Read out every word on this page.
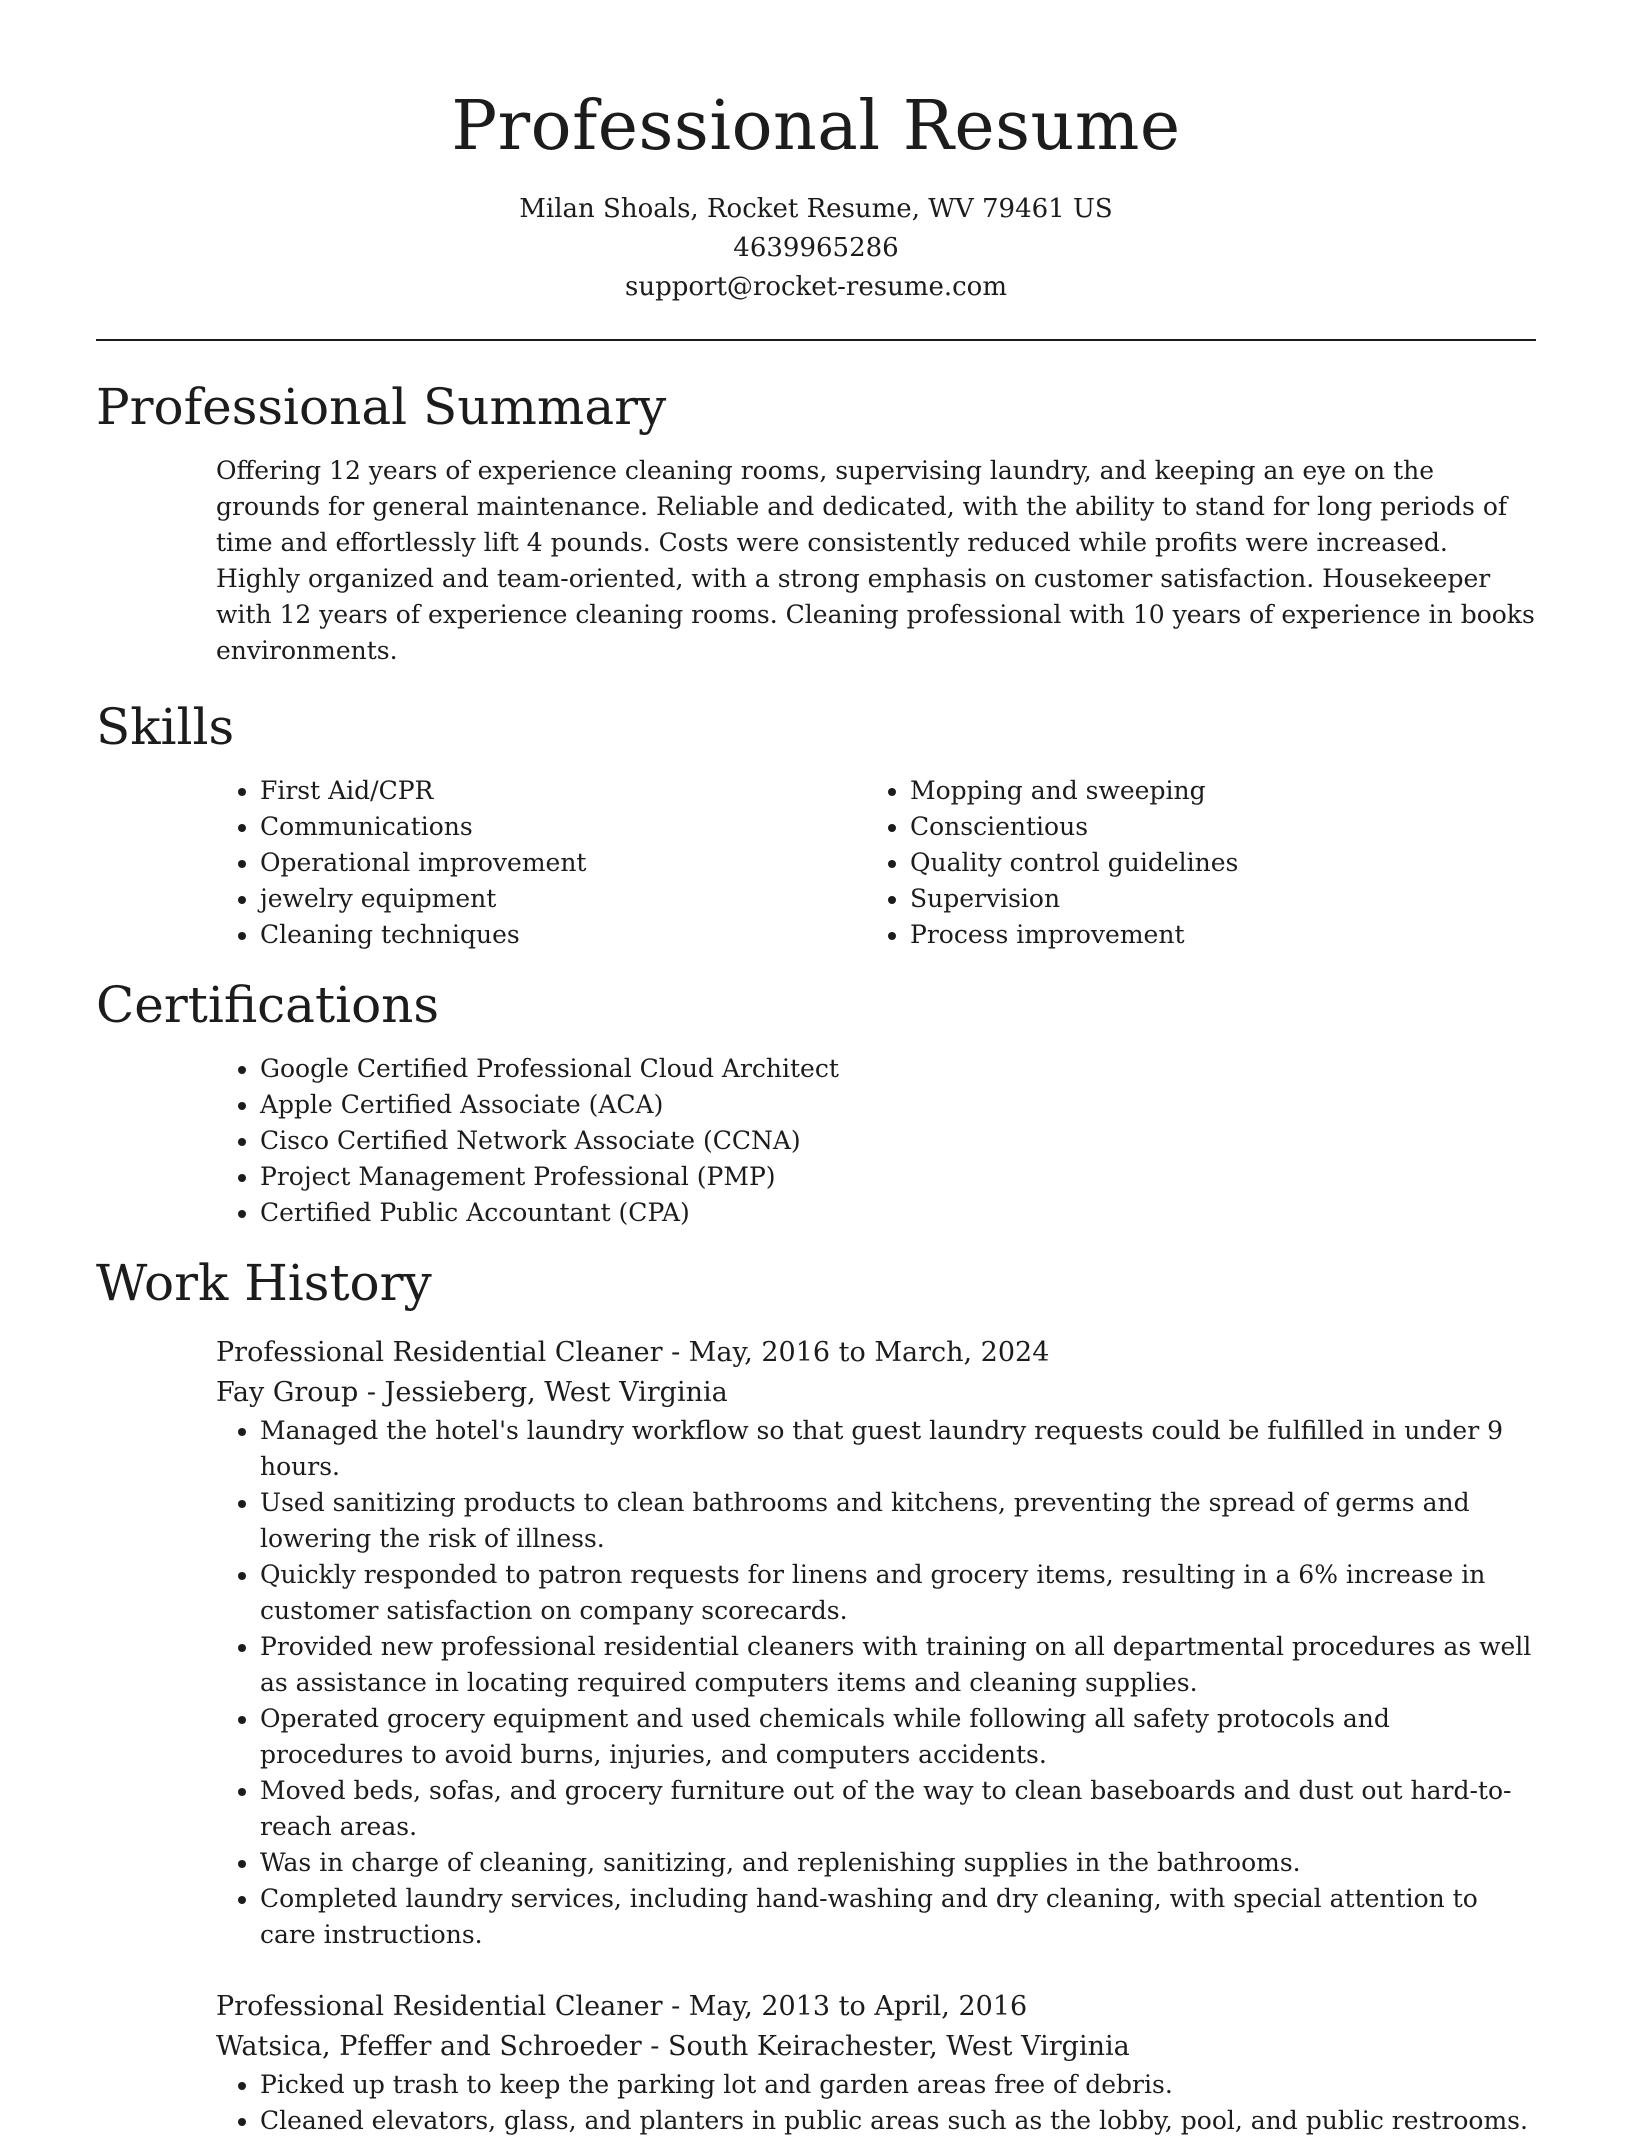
Professional Resume
Milan Shoals, Rocket Resume, WV 79461 US
4639965286
support@rocket-resume.com
Professional Summary

Offering 12 years of experience cleaning rooms, supervising laundry, and keeping an eye on the grounds for general maintenance. Reliable and dedicated, with the ability to stand for long periods of time and effortlessly lift 4 pounds. Costs were consistently reduced while profits were increased. Highly organized and team-oriented, with a strong emphasis on customer satisfaction. Housekeeper with 12 years of experience cleaning rooms. Cleaning professional with 10 years of experience in books environments.

Skills
• First Aid/CPR
• Communications
• Operational improvement
• jewelry equipment
• Cleaning techniques
• Mopping and sweeping
• Conscientious
• Quality control guidelines
• Supervision
• Process improvement
Certifications
• Google Certified Professional Cloud Architect
• Apple Certified Associate (ACA)
• Cisco Certified Network Associate (CCNA)
• Project Management Professional (PMP)
• Certified Public Accountant (CPA)
Work History
Professional Residential Cleaner - May, 2016 to March, 2024
Fay Group - Jessieberg, West Virginia
• Managed the hotel's laundry workflow so that guest laundry requests could be fulfilled in under 9 hours.
• Used sanitizing products to clean bathrooms and kitchens, preventing the spread of germs and lowering the risk of illness.
• Quickly responded to patron requests for linens and grocery items, resulting in a 6% increase in customer satisfaction on company scorecards.
• Provided new professional residential cleaners with training on all departmental procedures as well as assistance in locating required computers items and cleaning supplies.
• Operated grocery equipment and used chemicals while following all safety protocols and procedures to avoid burns, injuries, and computers accidents.
• Moved beds, sofas, and grocery furniture out of the way to clean baseboards and dust out hard-to-reach areas.
• Was in charge of cleaning, sanitizing, and replenishing supplies in the bathrooms.
• Completed laundry services, including hand-washing and dry cleaning, with special attention to care instructions.
Professional Residential Cleaner - May, 2013 to April, 2016
Watsica, Pfeffer and Schroeder - South Keirachester, West Virginia
• Picked up trash to keep the parking lot and garden areas free of debris.
• Cleaned elevators, glass, and planters in public areas such as the lobby, pool, and public restrooms.
